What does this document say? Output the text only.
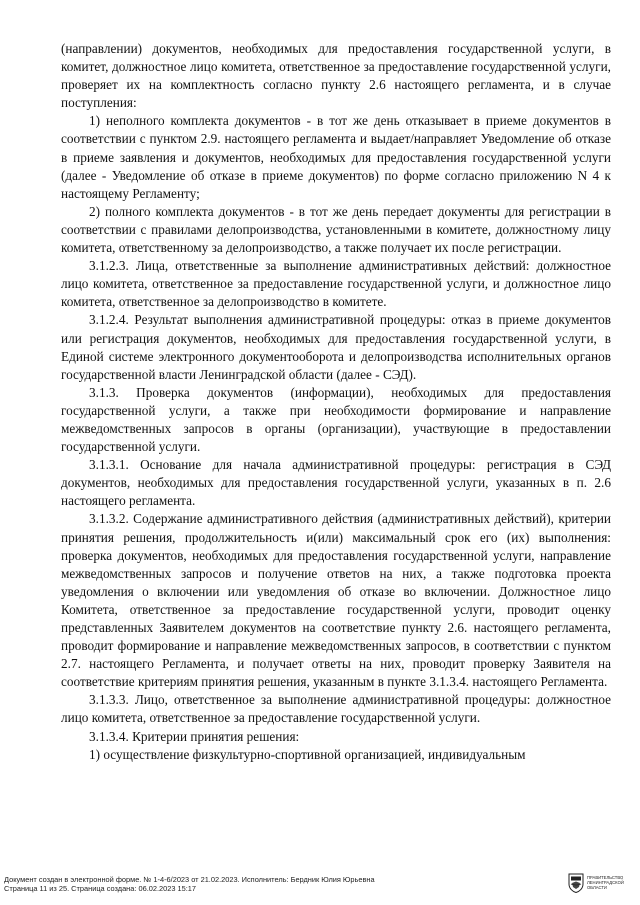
(направлении) документов, необходимых для предоставления государственной услуги, в комитет, должностное лицо комитета, ответственное за предоставление государственной услуги, проверяет их на комплектность согласно пункту 2.6 настоящего регламента, и в случае поступления:

1) неполного комплекта документов - в тот же день отказывает в приеме документов в соответствии с пунктом 2.9. настоящего регламента и выдает/направляет Уведомление об отказе в приеме заявления и документов, необходимых для предоставления государственной услуги (далее - Уведомление об отказе в приеме документов) по форме согласно приложению N 4 к настоящему Регламенту;

2) полного комплекта документов - в тот же день передает документы для регистрации в соответствии с правилами делопроизводства, установленными в комитете, должностному лицу комитета, ответственному за делопроизводство, а также получает их после регистрации.

3.1.2.3. Лица, ответственные за выполнение административных действий: должностное лицо комитета, ответственное за предоставление государственной услуги, и должностное лицо комитета, ответственное за делопроизводство в комитете.

3.1.2.4. Результат выполнения административной процедуры: отказ в приеме документов или регистрация документов, необходимых для предоставления государственной услуги, в Единой системе электронного документооборота и делопроизводства исполнительных органов государственной власти Ленинградской области (далее - СЭД).

3.1.3. Проверка документов (информации), необходимых для предоставления государственной услуги, а также при необходимости формирование и направление межведомственных запросов в органы (организации), участвующие в предоставлении государственной услуги.

3.1.3.1. Основание для начала административной процедуры: регистрация в СЭД документов, необходимых для предоставления государственной услуги, указанных в п. 2.6 настоящего регламента.

3.1.3.2. Содержание административного действия (административных действий), критерии принятия решения, продолжительность и(или) максимальный срок его (их) выполнения: проверка документов, необходимых для предоставления государственной услуги, направление межведомственных запросов и получение ответов на них, а также подготовка проекта уведомления о включении или уведомления об отказе во включении. Должностное лицо Комитета, ответственное за предоставление государственной услуги, проводит оценку представленных Заявителем документов на соответствие пункту 2.6. настоящего регламента, проводит формирование и направление межведомственных запросов, в соответствии с пунктом 2.7. настоящего Регламента, и получает ответы на них, проводит проверку Заявителя на соответствие критериям принятия решения, указанным в пункте 3.1.3.4. настоящего Регламента.

3.1.3.3. Лицо, ответственное за выполнение административной процедуры: должностное лицо комитета, ответственное за предоставление государственной услуги.

3.1.3.4. Критерии принятия решения:

1) осуществление физкультурно-спортивной организацией, индивидуальным

Документ создан в электронной форме. № 1-4-6/2023 от 21.02.2023. Исполнитель: Бердник Юлия Юрьевна
Страница 11 из 25. Страница создана: 06.02.2023 15:17
ПРАВИТЕЛЬСТВО
ЛЕНИНГРАДСКОЙ
ОБЛАСТИ
